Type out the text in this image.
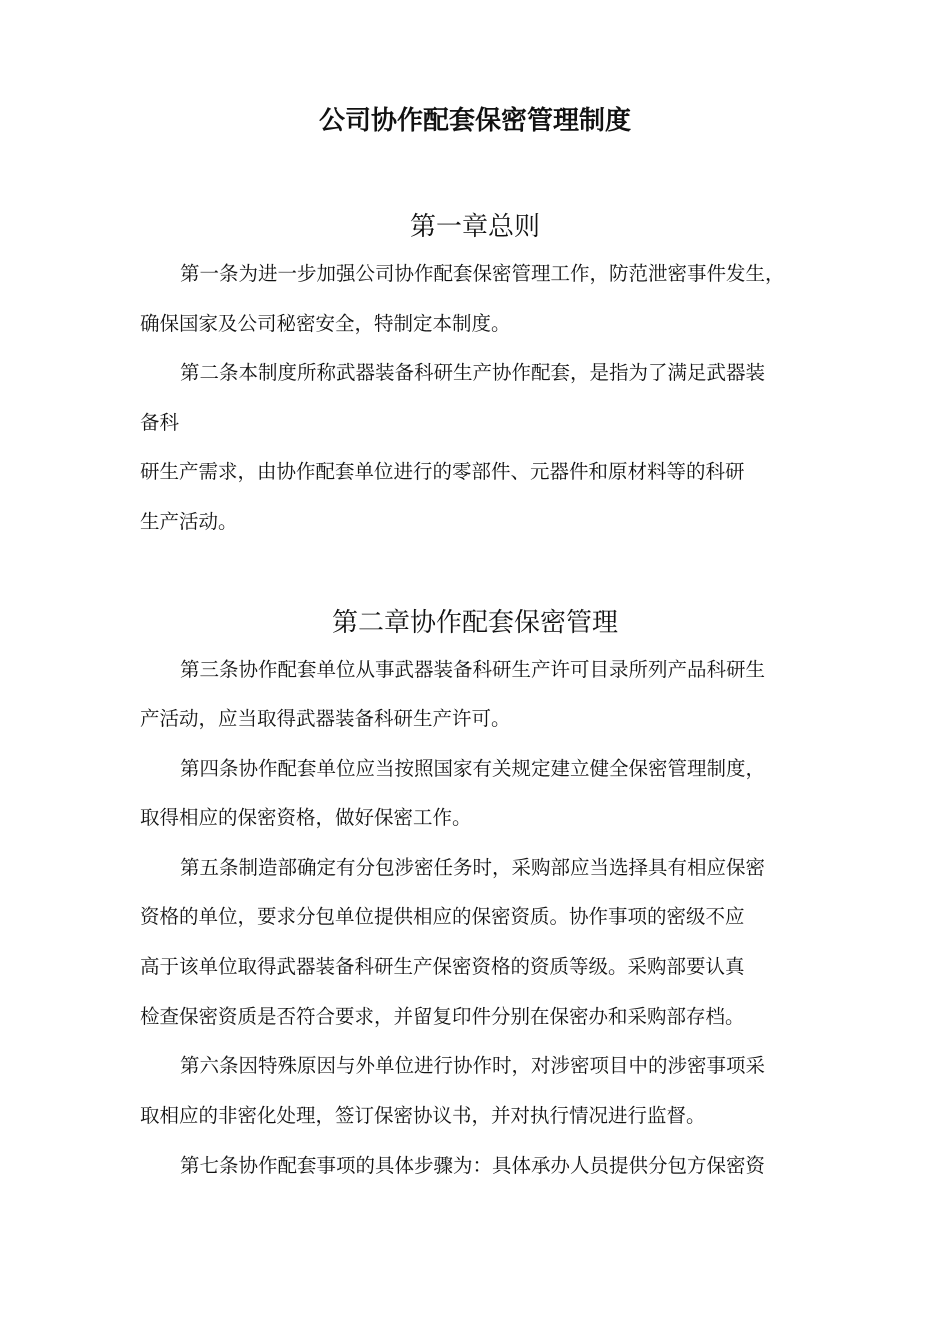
公司协作配套保密管理制度
第一章总则
第一条为进一步加强公司协作配套保密管理工作，防范泄密事件发生，
确保国家及公司秘密安全，特制定本制度。
第二条本制度所称武器装备科研生产协作配套，是指为了满足武器装
备科
研生产需求，由协作配套单位进行的零部件、元器件和原材料等的科研
生产活动。
第二章协作配套保密管理
第三条协作配套单位从事武器装备科研生产许可目录所列产品科研生
产活动，应当取得武器装备科研生产许可。
第四条协作配套单位应当按照国家有关规定建立健全保密管理制度，
取得相应的保密资格，做好保密工作。
第五条制造部确定有分包涉密任务时，采购部应当选择具有相应保密
资格的单位，要求分包单位提供相应的保密资质。协作事项的密级不应
高于该单位取得武器装备科研生产保密资格的资质等级。采购部要认真
检查保密资质是否符合要求，并留复印件分别在保密办和采购部存档。
第六条因特殊原因与外单位进行协作时，对涉密项目中的涉密事项采
取相应的非密化处理，签订保密协议书，并对执行情况进行监督。
第七条协作配套事项的具体步骤为：具体承办人员提供分包方保密资
